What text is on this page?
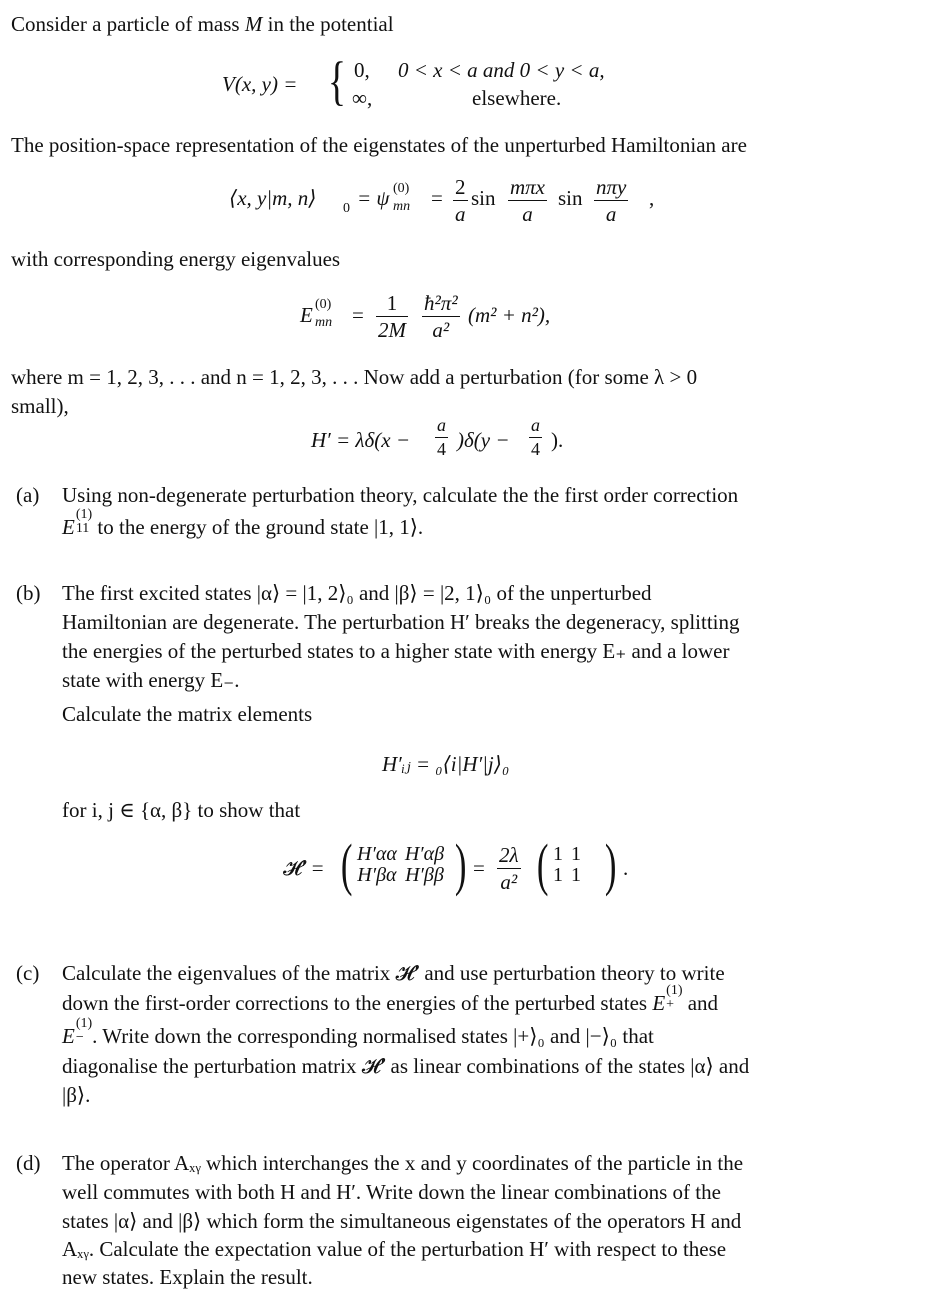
Consider a particle of mass M in the potential
V(x, y) = { 0, 0 < x < a and 0 < y < a,
∞,	elsewhere.
The position-space representation of the eigenstates of the unperturbed Hamiltonian are
⟨x, y|m, n⟩ 0 = ψ (0)
mn = $\frac{2}{a}$ sin mπx
a
sin nπy
a
,
with corresponding energy eigenvalues
E (0)
mn = $\frac{1}{2M} \frac{\text{ħ²π²}}{\text{a²}} (m^2 + n^2)$,
where m = 1, 2, 3, . . . and n = 1, 2, 3, . . . Now add a perturbation (for some λ > 0
small),
$H' = \lambda\delta(x - \frac{a}{4} )\delta(y - \frac{a}{4}$ ).
(a) Using non-degenerate perturbation theory, calculate the the first order correction
E
(1)
11 to the energy of the ground state |1, 1⟩.
(b) The first excited states |α⟩ = |1, 2⟩₀ and |β⟩ = |2, 1⟩₀ of the unperturbed
Hamiltonian are degenerate. The perturbation H′ breaks the degeneracy, splitting
the energies of the perturbed states to a higher state with energy E₊ and a lower
state with energy E₋.
Calculate the matrix elements
H′ᵢⱼ = ₀⟨i|H′|j⟩₀
for i, j ∈ {α, β} to show that
𝓗′ = ( H′αα	H′αβ
H′βα	H′ββ ) = $\frac{2\lambda}{\text{a²}}$ ( 1	1
1	1 ) .
(c) Calculate the eigenvalues of the matrix 𝓗′ and use perturbation theory to write
down the first-order corrections to the energies of the perturbed states E
(1)
+ and
E
(1)
− . Write down the corresponding normalised states |+⟩₀ and |−⟩₀ that
diagonalise the perturbation matrix 𝓗′ as linear combinations of the states |α⟩ and
|β⟩.
(d) The operator Aₓᵧ which interchanges the x and y coordinates of the particle in the
well commutes with both H and H′. Write down the linear combinations of the
states |α⟩ and |β⟩ which form the simultaneous eigenstates of the operators H and
Aₓᵧ. Calculate the expectation value of the perturbation H′ with respect to these
new states. Explain the result.
